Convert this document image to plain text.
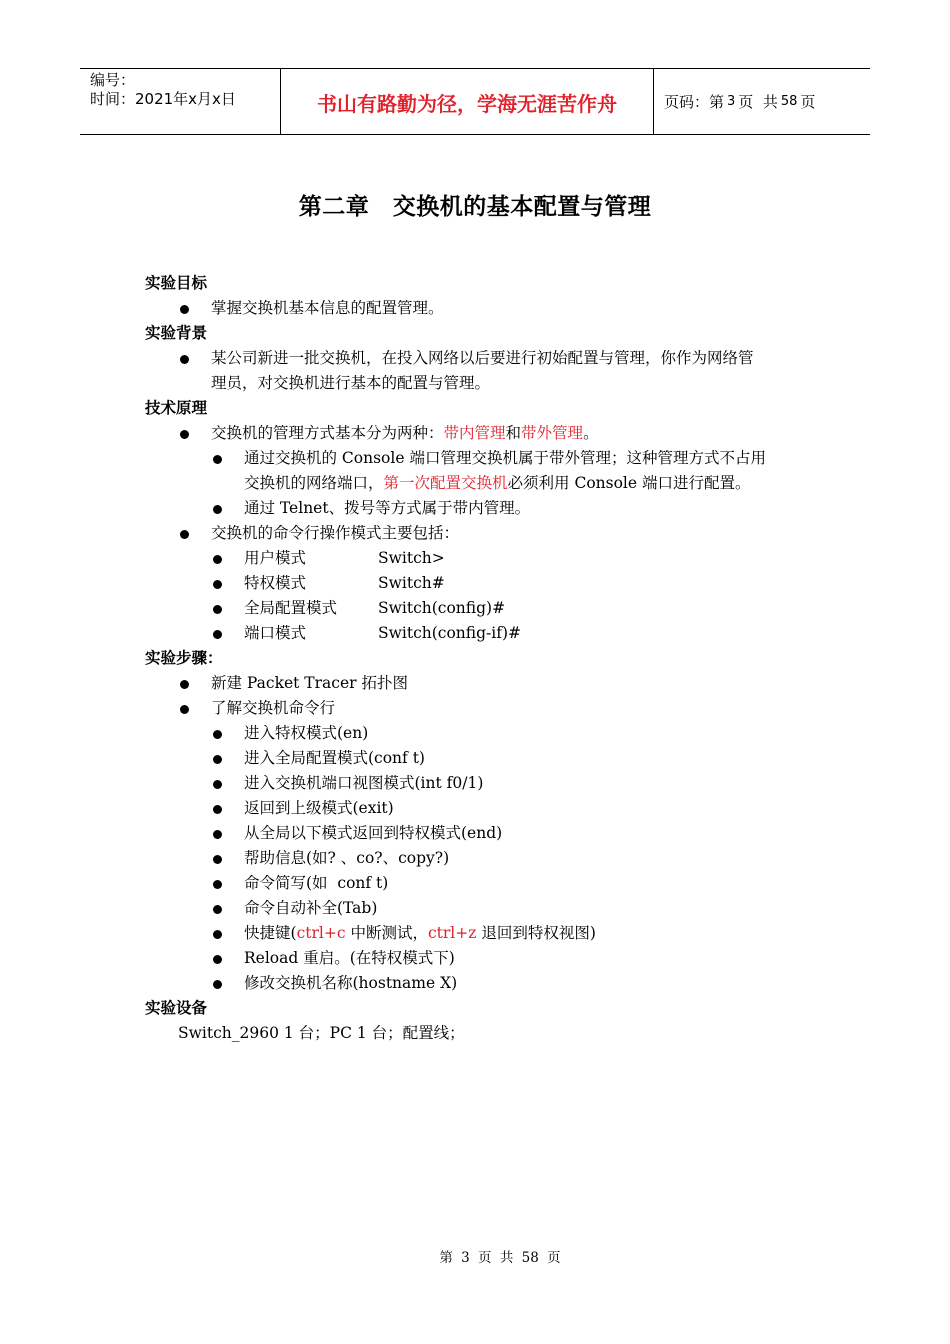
编号：
时间：2021年x月x日	书山有路勤为径，学海无涯苦作舟	页码：第 3 页  共 58 页
第二章　交换机的基本配置与管理
实验目标
掌握交换机基本信息的配置管理。
实验背景
某公司新进一批交换机，在投入网络以后要进行初始配置与管理，你作为网络管
理员，对交换机进行基本的配置与管理。
技术原理
交换机的管理方式基本分为两种：带内管理和带外管理。
通过交换机的 Console 端口管理交换机属于带外管理；这种管理方式不占用
交换机的网络端口，第一次配置交换机必须利用 Console 端口进行配置。
通过 Telnet、拨号等方式属于带内管理。
交换机的命令行操作模式主要包括：
用户模式	Switch>
特权模式	Switch#
全局配置模式	Switch(config)#
端口模式	Switch(config-if)#
实验步骤：
新建 Packet Tracer 拓扑图
了解交换机命令行
进入特权模式(en)
进入全局配置模式(conf t)
进入交换机端口视图模式(int f0/1)
返回到上级模式(exit)
从全局以下模式返回到特权模式(end)
帮助信息(如? 、co?、copy?)
命令简写(如  conf t)
命令自动补全(Tab)
快捷键(ctrl+c 中断测试，ctrl+z 退回到特权视图)
Reload 重启。(在特权模式下)
修改交换机名称(hostname X)
实验设备
Switch_2960 1 台；PC 1 台；配置线；
第 3 页 共 58 页
